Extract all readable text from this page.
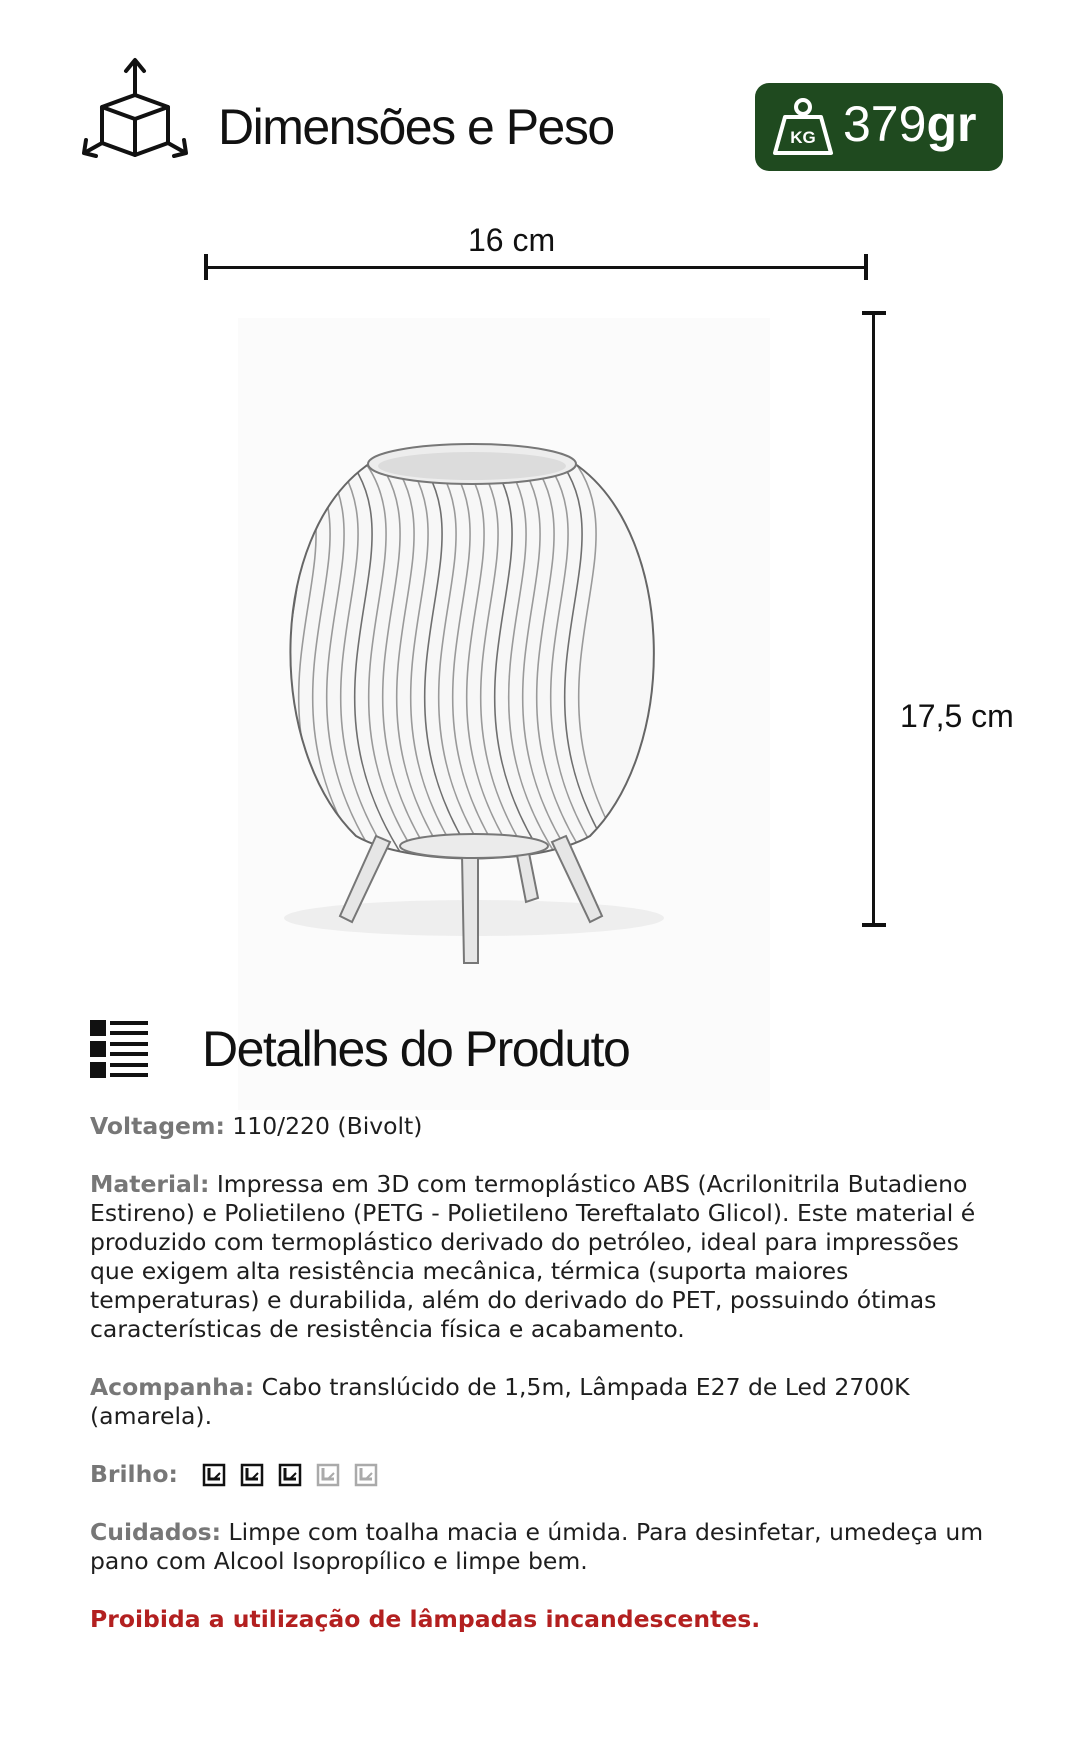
Dimensões e Peso	KG 379gr
16 cm
17,5 cm
Detalhes do Produto

Voltagem: 110/220 (Bivolt)

Material: Impressa em 3D com termoplástico ABS (Acrilonitrila Butadieno Estireno) e Polietileno (PETG - Polietileno Tereftalato Glicol). Este material é produzido com termoplástico derivado do petróleo, ideal para impressões que exigem alta resistência mecânica, térmica (suporta maiores temperaturas) e durabilida, além do derivado do PET, possuindo ótimas características de resistência física e acabamento.

Acompanha: Cabo translúcido de 1,5m, Lâmpada E27 de Led 2700K (amarela).

Brilho:

Cuidados: Limpe com toalha macia e úmida. Para desinfetar, umedeça um pano com Alcool Isopropílico e limpe bem.

Proibida a utilização de lâmpadas incandescentes.
